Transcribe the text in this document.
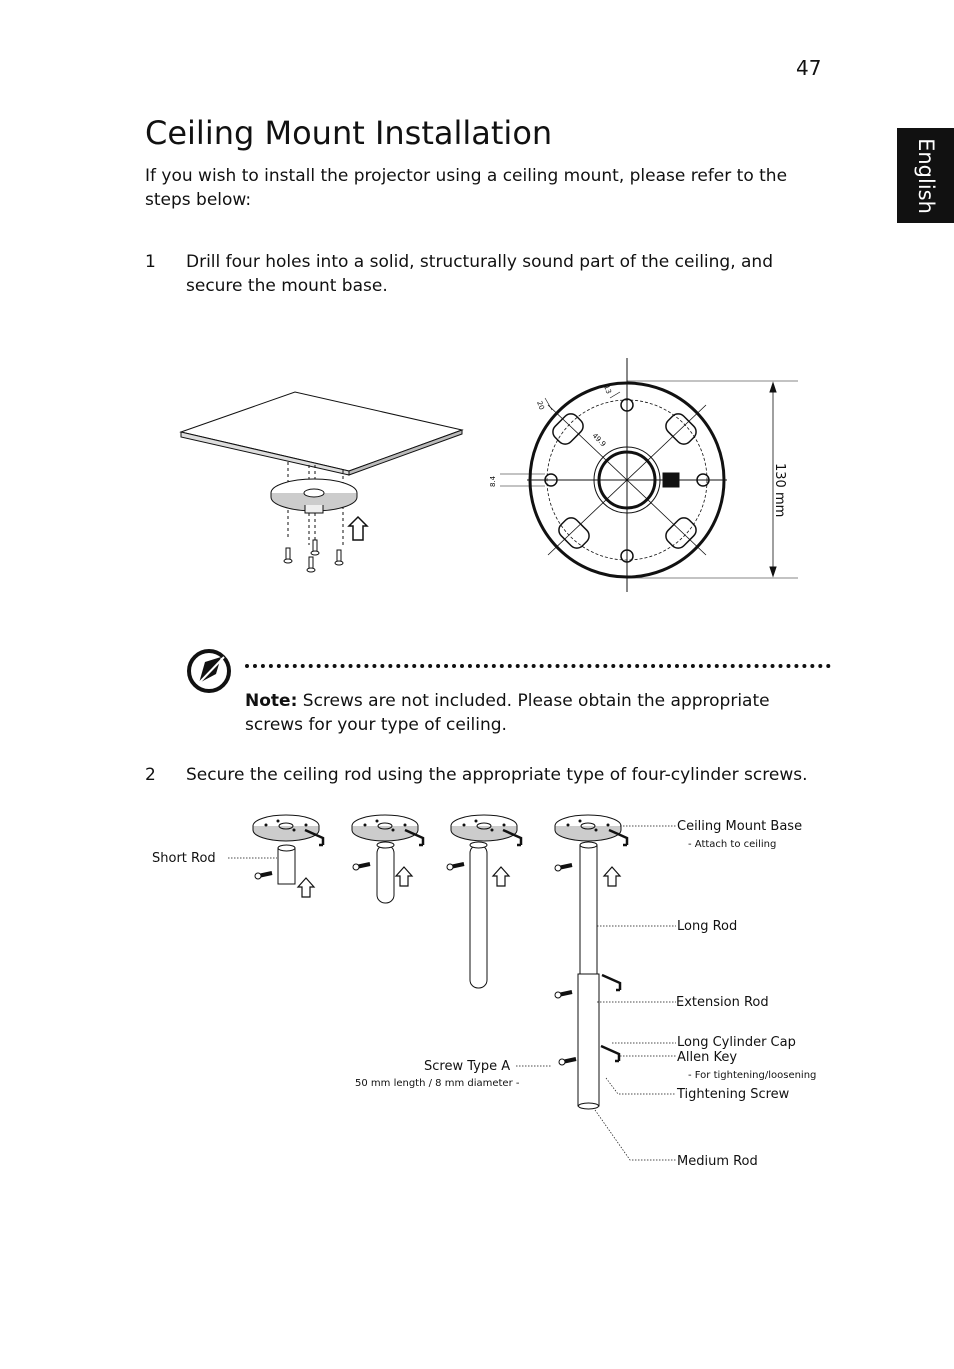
47
English
Ceiling Mount Installation
If you wish to install the projector using a ceiling mount, please refer to the steps below:
1 Drill four holes into a solid, structurally sound part of the ceiling, and secure the mount base.
130 mm
20
13
49.9
8.4
Note: Screws are not included. Please obtain the appropriate screws for your type of ceiling.
2 Secure the ceiling rod using the appropriate type of four-cylinder screws.
Short Rod
Ceiling Mount Base
- Attach to ceiling
Long Rod
Extension Rod
Long Cylinder Cap
Allen Key
- For tightening/loosening
Tightening Screw
Screw Type A
50 mm length / 8 mm diameter -
Medium Rod
